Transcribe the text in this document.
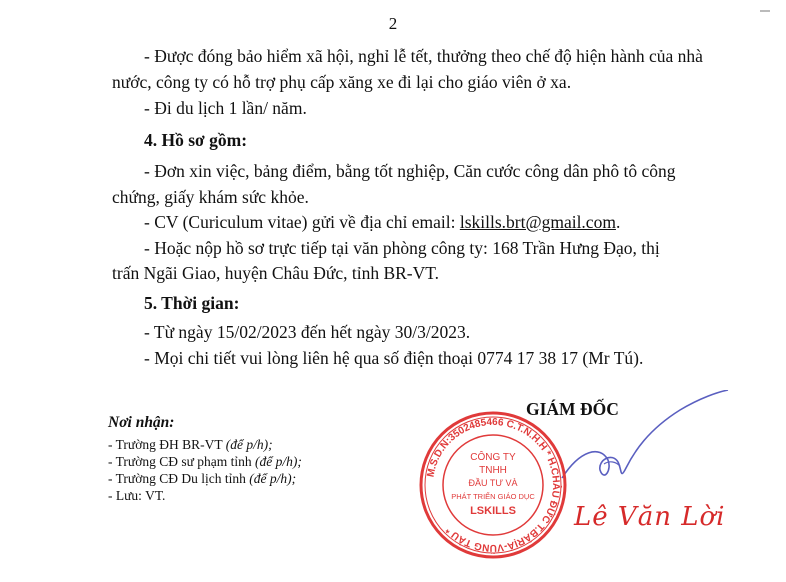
2
- Được đóng bảo hiểm xã hội, nghỉ lễ tết, thưởng theo chế độ hiện hành của nhà
nước, công ty có hỗ trợ phụ cấp xăng xe đi lại cho giáo viên ở xa.
- Đi du lịch 1 lần/ năm.
4. Hồ sơ gồm:
- Đơn xin việc, bảng điểm, bằng tốt nghiệp, Căn cước công dân phô tô công
chứng, giấy khám sức khỏe.
- CV (Curiculum vitae) gửi về địa chỉ email: lskills.brt@gmail.com.
- Hoặc nộp hồ sơ trực tiếp tại văn phòng công ty: 168 Trần Hưng Đạo, thị
trấn Ngãi Giao, huyện Châu Đức, tỉnh BR-VT.
5. Thời gian:
- Từ ngày 15/02/2023 đến hết ngày 30/3/2023.
- Mọi chi tiết vui lòng liên hệ qua số điện thoại 0774 17 38 17 (Mr Tú).
Nơi nhận:
- Trường ĐH BR-VT (để p/h);
- Trường CĐ sư phạm tỉnh (để p/h);
- Trường CĐ Du lịch tỉnh (để p/h);
- Lưu: VT.
GIÁM ĐỐC
M.S.D.N:3502485466 C.T.N.H.H * H.CHÂU ĐỨC T.BÀRỊA-VŨNG TÀU *
CÔNG TY
TNHH
ĐẦU TƯ VÀ
PHÁT TRIỂN GIÁO DỤC
LSKILLS Lê Văn Lời
